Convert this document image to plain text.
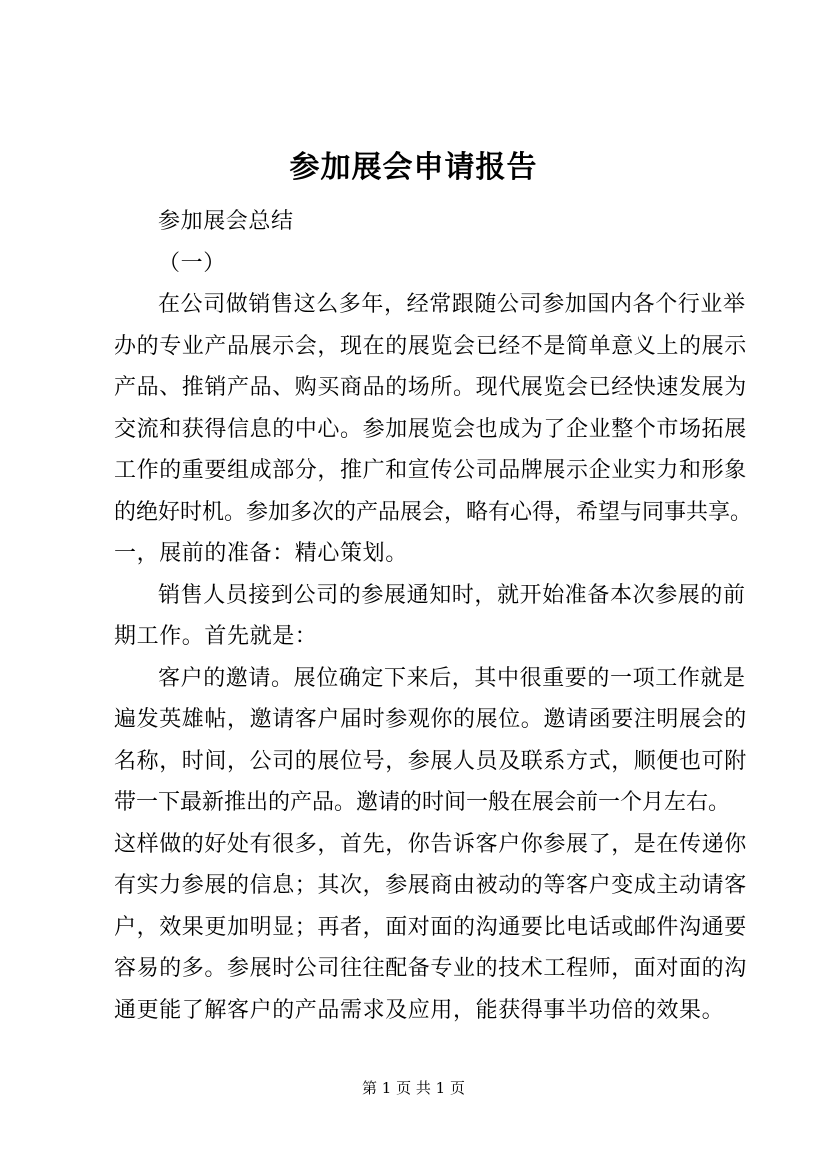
参加展会申请报告
参加展会总结
（一）
在公司做销售这么多年，经常跟随公司参加国内各个行业举
办的专业产品展示会，现在的展览会已经不是简单意义上的展示
产品、推销产品、购买商品的场所。现代展览会已经快速发展为
交流和获得信息的中心。参加展览会也成为了企业整个市场拓展
工作的重要组成部分，推广和宣传公司品牌展示企业实力和形象
的绝好时机。参加多次的产品展会，略有心得，希望与同事共享。
一，展前的准备：精心策划。
销售人员接到公司的参展通知时，就开始准备本次参展的前
期工作。首先就是：
客户的邀请。展位确定下来后，其中很重要的一项工作就是
遍发英雄帖，邀请客户届时参观你的展位。邀请函要注明展会的
名称，时间，公司的展位号，参展人员及联系方式，顺便也可附
带一下最新推出的产品。邀请的时间一般在展会前一个月左右。
这样做的好处有很多，首先，你告诉客户你参展了，是在传递你
有实力参展的信息；其次，参展商由被动的等客户变成主动请客
户，效果更加明显；再者，面对面的沟通要比电话或邮件沟通要
容易的多。参展时公司往往配备专业的技术工程师，面对面的沟
通更能了解客户的产品需求及应用，能获得事半功倍的效果。
第 1 页 共 1 页
